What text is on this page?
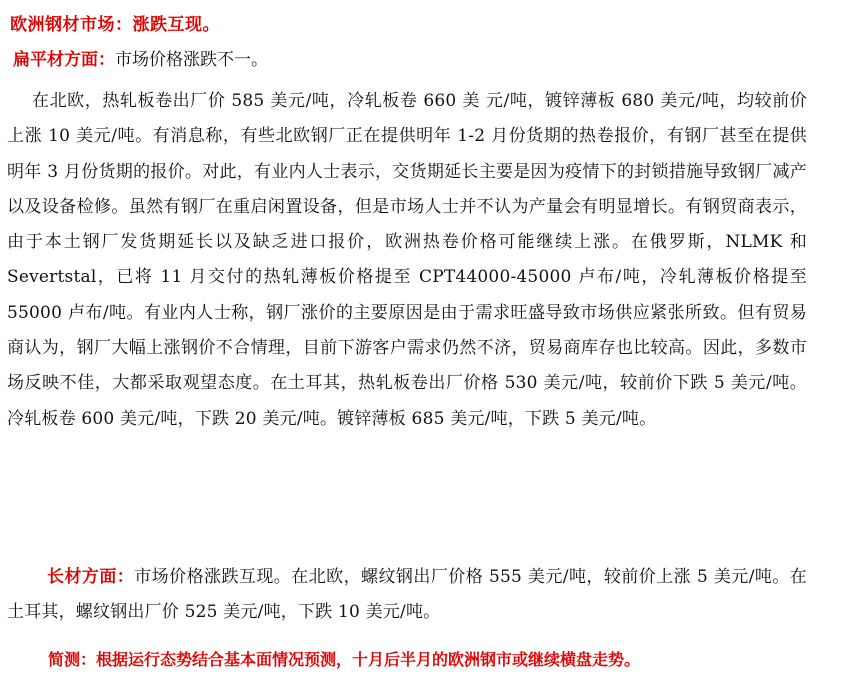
欧洲钢材市场：涨跌互现。
扁平材方面：市场价格涨跌不一。

在北欧，热轧板卷出厂价 585 美元/吨，冷轧板卷 660 美 元/吨，镀锌薄板 680 美元/吨，均较前价上涨 10 美元/吨。有消息称，有些北欧钢厂正在提供明年 1-2 月份货期的热卷报价，有钢厂甚至在提供明年 3 月份货期的报价。对此，有业内人士表示，交货期延长主要是因为疫情下的封锁措施导致钢厂减产以及设备检修。虽然有钢厂在重启闲置设备，但是市场人士并不认为产量会有明显增长。有钢贸商表示，由于本土钢厂发货期延长以及缺乏进口报价，欧洲热卷价格可能继续上涨。在俄罗斯，NLMK 和 Severtstal，已将 11 月交付的热轧薄板价格提至 CPT44000-45000 卢布/吨，冷轧薄板价格提至 55000 卢布/吨。有业内人士称，钢厂涨价的主要原因是由于需求旺盛导致市场供应紧张所致。但有贸易商认为，钢厂大幅上涨钢价不合情理，目前下游客户需求仍然不济，贸易商库存也比较高。因此，多数市场反映不佳，大都采取观望态度。在土耳其，热轧板卷出厂价格 530 美元/吨，较前价下跌 5 美元/吨。冷轧板卷 600 美元/吨，下跌 20 美元/吨。镀锌薄板 685 美元/吨，下跌 5 美元/吨。

长材方面：市场价格涨跌互现。在北欧，螺纹钢出厂价格 555 美元/吨，较前价上涨 5 美元/吨。在土耳其，螺纹钢出厂价 525 美元/吨，下跌 10 美元/吨。

简测：根据运行态势结合基本面情况预测，十月后半月的欧洲钢市或继续横盘走势。
